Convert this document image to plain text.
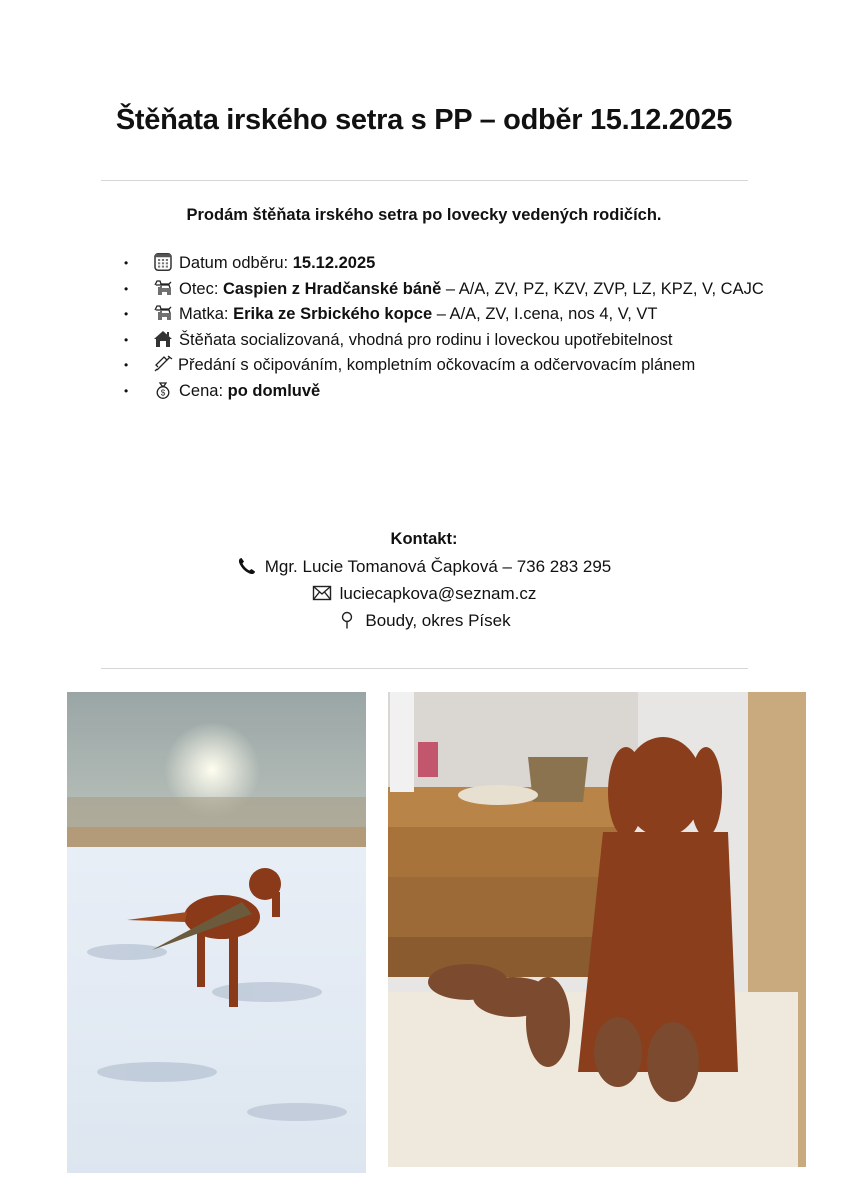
Štěňata irského setra s PP – odběr 15.12.2025
Prodám štěňata irského setra po lovecky vedených rodičích.
•	Datum odběru: 15.12.2025
•	Otec: Caspien z Hradčanské báně – A/A, ZV, PZ, KZV, ZVP, LZ, KPZ, V, CAJC
•	Matka: Erika ze Srbického kopce – A/A, ZV, I.cena, nos 4, V, VT
•	Štěňata socializovaná, vhodná pro rodinu i loveckou upotřebitelnost
•	Předání s očipováním, kompletním očkovacím a odčervovacím plánem
•	$ Cena: po domluvě
Kontakt:
Mgr. Lucie Tomanová Čapková – 736 283 295
luciecapkova@seznam.cz
Boudy, okres Písek
